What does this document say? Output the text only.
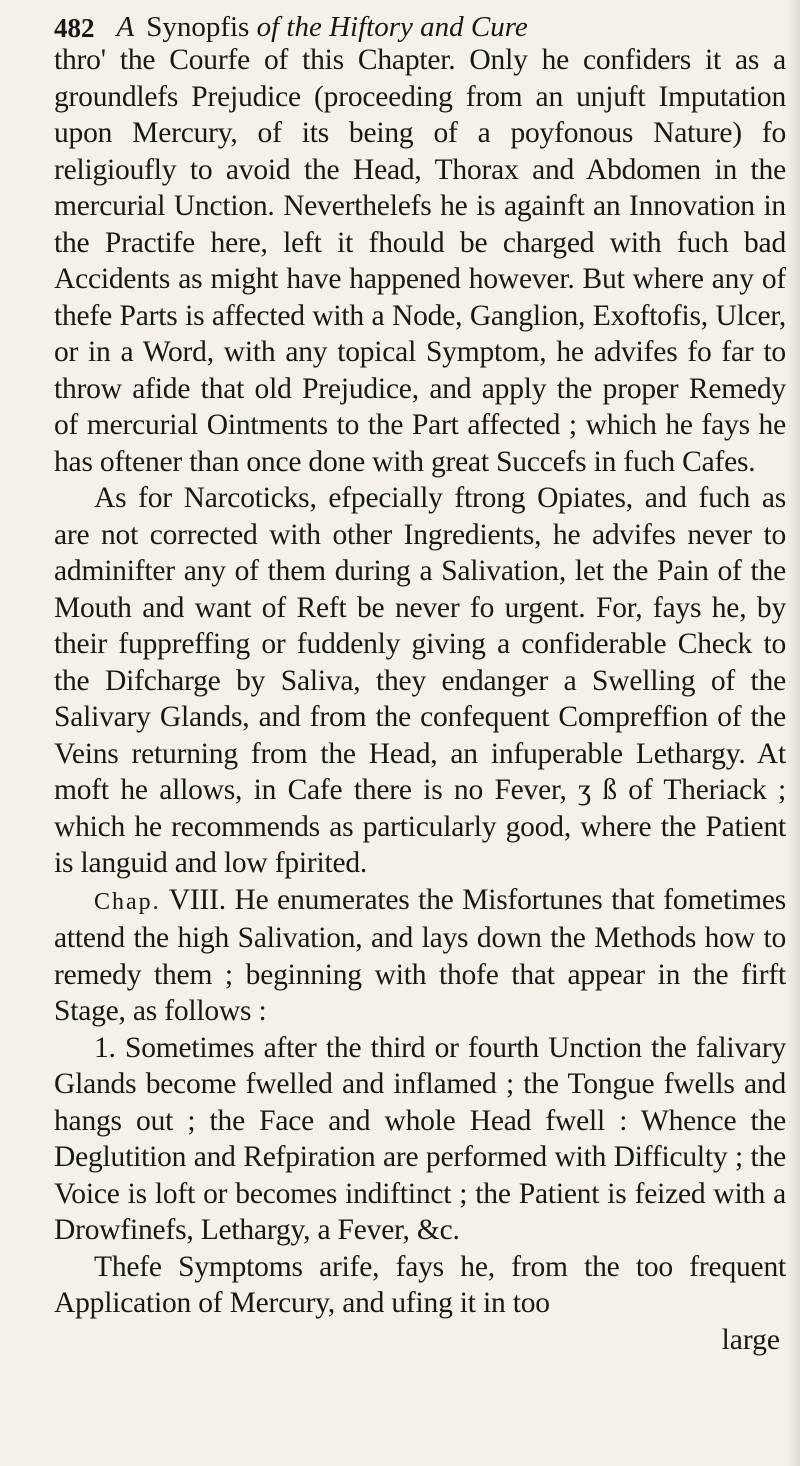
482 A Synopfis
of the Hiftory and Cure

thro' the Courfe of this Chapter. Only he confiders it as a groundlefs Prejudice (proceeding from an unjuft Imputation upon Mercury, of its being of a poyfonous Nature) fo religioufly to avoid the Head, Thorax and Abdomen in the mercurial Unction. Neverthelefs he is againft an Innovation in the Practife here, left it fhould be charged with fuch bad Accidents as might have happened however. But where any of thefe Parts is affected with a Node, Ganglion, Exoftofis, Ulcer, or in a Word, with any topical Symptom, he advifes fo far to throw afide that old Prejudice, and apply the proper Remedy of mercurial Ointments to the Part affected ; which he fays he has oftener than once done with great Succefs in fuch Cafes.

As for Narcoticks, efpecially ftrong Opiates, and fuch as are not corrected with other Ingredients, he advifes never to adminifter any of them during a Salivation, let the Pain of the Mouth and want of Reft be never fo urgent. For, fays he, by their fuppreffing or fuddenly giving a confiderable Check to the Difcharge by Saliva, they endanger a Swelling of the Salivary Glands, and from the confequent Compreffion of the Veins returning from the Head, an infuperable Lethargy. At moft he allows, in Cafe there is no Fever, ʒ ß of Theriack ; which he recommends as particularly good, where the Patient is languid and low fpirited.

Chap. VIII. He enumerates the Misfortunes that fometimes attend the high Salivation, and lays down the Methods how to remedy them ; beginning with thofe that appear in the firft Stage, as follows :

1. Sometimes after the third or fourth Unction the falivary Glands become fwelled and inflamed ; the Tongue fwells and hangs out ; the Face and whole Head fwell : Whence the Deglutition and Refpiration are performed with Difficulty ; the Voice is loft or becomes indiftinct ; the Patient is feized with a Drowfinefs, Lethargy, a Fever, &c.

Thefe Symptoms arife, fays he, from the too frequent Application of Mercury, and ufing it in too

large
